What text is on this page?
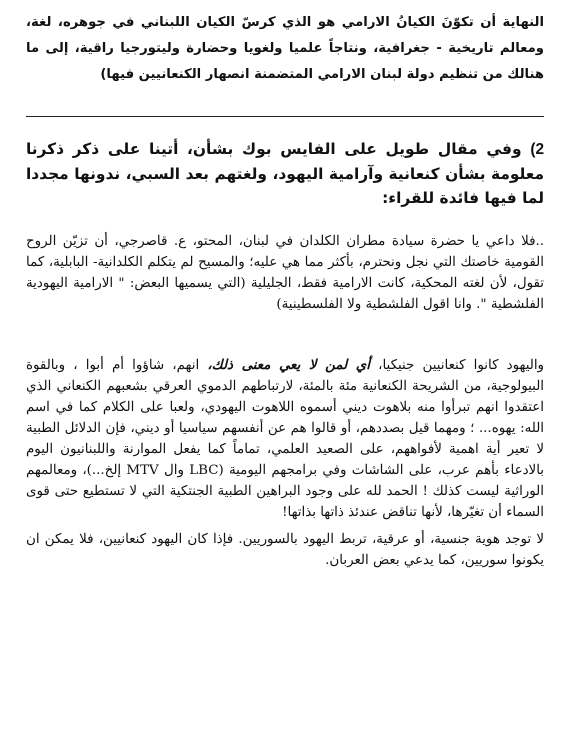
النهاية أن تكوّنَ الكيانُ الارامي هو الذي كرسّ الكيان اللبناني في جوهره، لغة، ومعالم تاريخية - جغرافية، ونتاجاً علميا ولغويا وحضارة وليتورجيا راقية، إلى ما هنالك من تنظيم دولة لبنان الارامي المتضمنة انصهار الكنعانيين فيها)

2) وفي مقال طويل على الفايس بوك بشأن، أتينا على ذكر ذكرنا معلومة بشأن كنعانية وآرامية اليهود، ولغتهم بعد السبي، ندونها مجددا لما فيها فائدة للقراء:

..فلا داعي يا حضرة سيادة مطران الكلدان في لبنان، المحتو، ع. قاصرجي، أن تزيّن الروح القومية خاصتك التي نجل ونحترم، بأكثر مما هي عليه؛ والمسيح لم يتكلم الكلدانية- البابلية، كما تقول، لأن لغته المحكية، كانت الارامية فقط، الجليلية (التي يسميها البعض: " الارامية اليهودية الفلشطية ". وانا اقول الفلشطية ولا الفلسطينية)

واليهود كانوا كنعانيين جنيكيا، أي لمن لا يعي معنى ذلك، انهم، شاؤوا أم أبوا ، وبالقوة البيولوجية، من الشريحة الكنعانية مئة بالمئة، لارتباطهم الدموي العرقي بشعبهم الكنعاني الذي اعتقدوا انهم تبرأوا منه بلاهوت ديني أسموه اللاهوت اليهودي، ولعبا على الكلام كما في اسم الله: يهوه... ؛ ومهما قيل بصددهم، أو قالوا هم عن أنفسهم سياسيا أو ديني، فإن الدلائل الطبية لا تعير أية اهمية لأفواههم، على الصعيد العلمي، تماماً كما يفعل الموارنة واللبنانيون اليوم بالادعاء بأهم عرب، على الشاشات وفي برامجهم اليومية (LBC وال MTV إلخ...)، ومعالمهم الوراثية ليست كذلك ! الحمد لله على وجود البراهين الطبية الجنتكية التي لا تستطيع حتى قوى السماء أن تغيّرها، لأنها تناقض عندئذ ذاتها بذاتها!

لا توجد هوية جنسية، أو عرقية، تربط اليهود بالسوريين. فإذا كان اليهود كنعانيين، فلا يمكن ان يكونوا سوريين، كما يدعي بعض العربان.
